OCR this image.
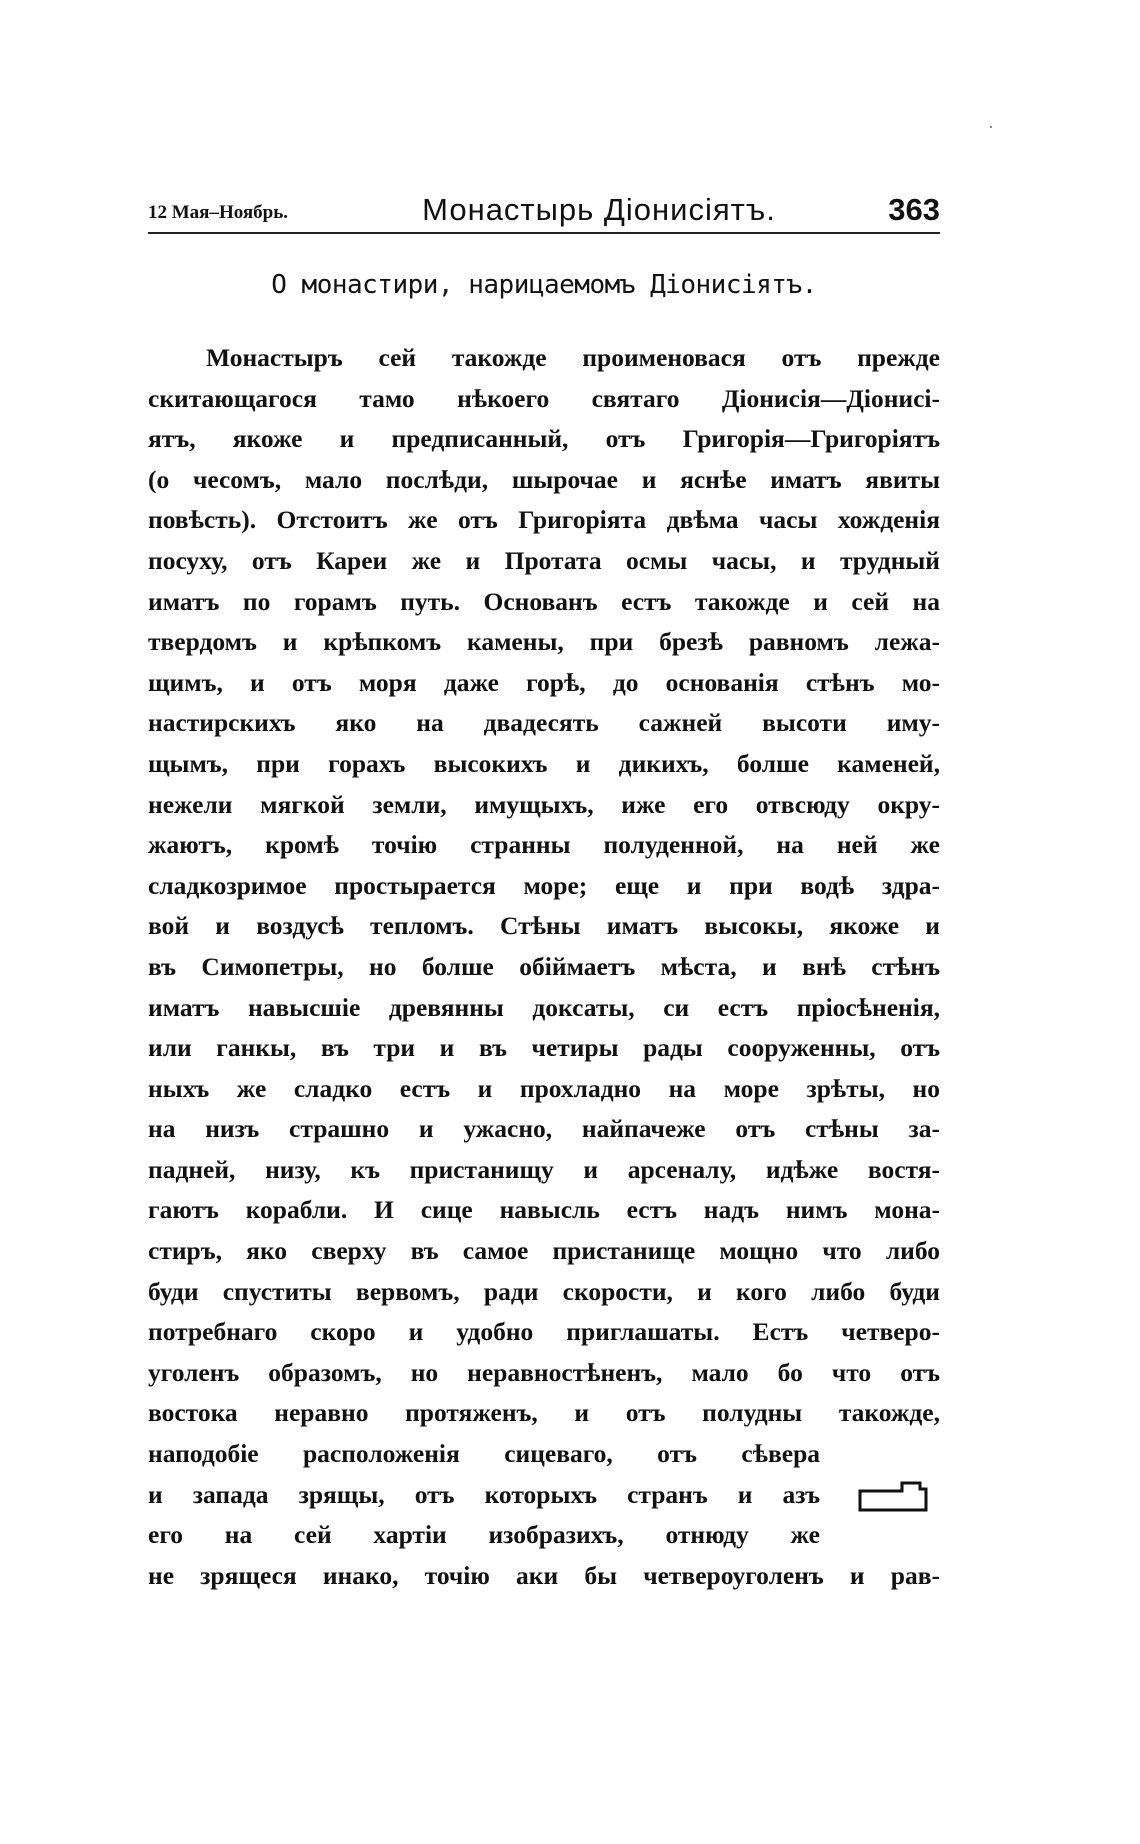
12 Мая–Ноябрь.	Монастырь Діонисіятъ.	363
О монастири, нарицаемомъ Діонисіятъ.
Монастыръ сей такожде прoименовася отъ прежде
скитающагося тамо нѣкоего святаго Діонисія—Діонисі-
ятъ, якоже и предписанный, отъ Григорія—Григоріятъ
(о чесомъ, мало послѣди, шырочае и яснѣе иматъ явиты
повѣсть). Отстоитъ же отъ Григоріята двѣма часы хожденія
посуху, отъ Кареи же и Протата осмы часы, и трудный
иматъ по горамъ путь. Основанъ естъ такожде и сей на
твердомъ и крѣпкомъ камены, при брезѣ равномъ лежа-
щимъ, и отъ моря даже горѣ, до основанія стѣнъ мо-
настирскихъ яко на двадесять сажней высоти иму-
щымъ, при горахъ высокихъ и дикихъ, болше каменей,
нежели мягкой земли, имущыхъ, иже его отвсюду окру-
жаютъ, кромѣ точію странны полуденной, на ней же
сладкозримое простырается море; еще и при водѣ здра-
вой и воздусѣ тепломъ. Стѣны иматъ высокы, якоже и
въ Симопетры, но болше обіймаетъ мѣста, и внѣ стѣнъ
иматъ навысшіе древянны доксаты, си естъ пріосѣненія,
или ганкы, въ три и въ четиры рады сооруженны, отъ
ныхъ же сладко естъ и прохладно на море зрѣты, но
на низъ страшно и ужасно, найпачеже отъ стѣны за-
падней, низу, къ пристанищу и арсеналу, идѣже востя-
гаютъ корабли. И сице навысль естъ надъ нимъ мона-
стиръ, яко сверху въ самое пристанище мощно что либо
буди спуститы вервомъ, ради скорости, и кого либо буди
потребнаго скоро и удобно приглашаты. Естъ четверо-
уголенъ образомъ, но неравностѣненъ, мало бо что отъ
востока неравно протяженъ, и отъ полудны такожде,
наподобіе расположенія сицеваго, отъ сѣвера
и запада зрящы, отъ которыхъ странъ и азъ
его на сей хартіи изобразихъ, отнюду же
не зрящеся инако, точію аки бы четвероуголенъ и рав-
